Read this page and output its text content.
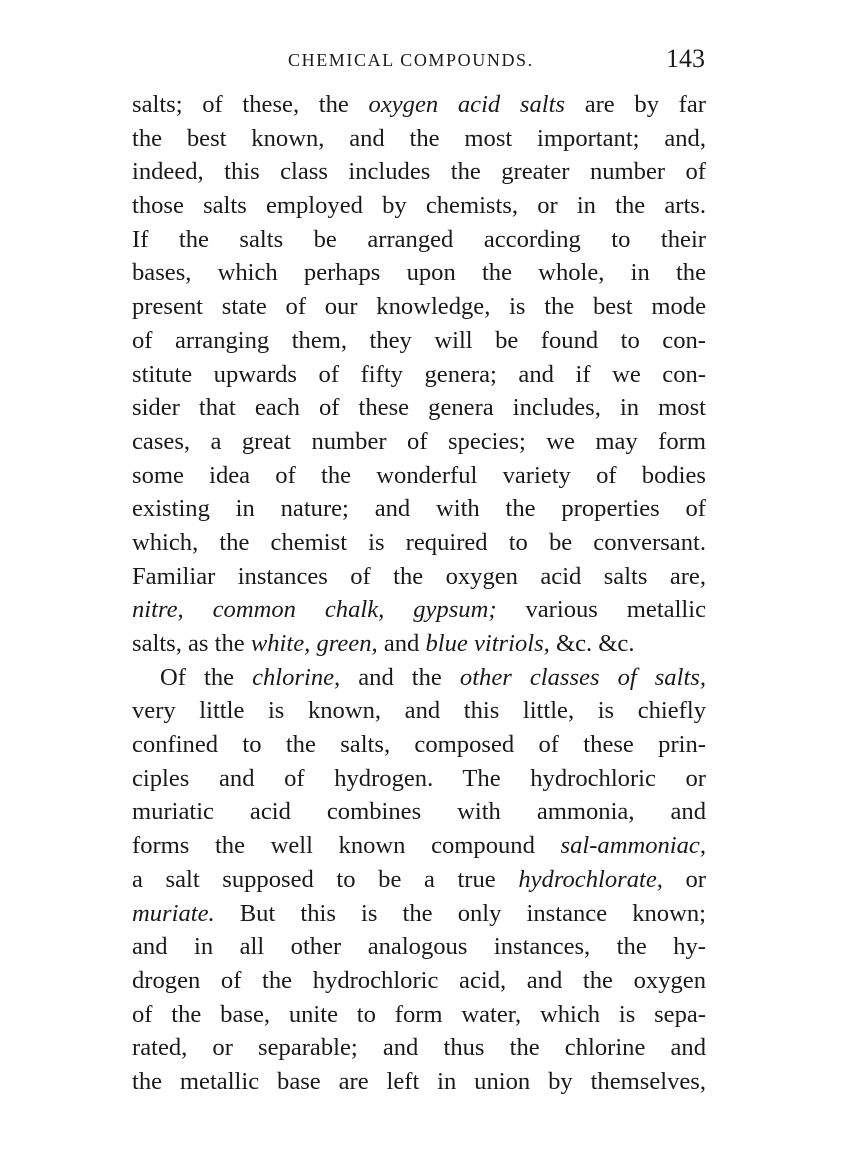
CHEMICAL COMPOUNDS.	143
salts; of these, the oxygen acid salts are by far
the best known, and the most important; and,
indeed, this class includes the greater number of
those salts employed by chemists, or in the arts.
If the salts be arranged according to their
bases, which perhaps upon the whole, in the
present state of our knowledge, is the best mode
of arranging them, they will be found to con-
stitute upwards of fifty genera; and if we con-
sider that each of these genera includes, in most
cases, a great number of species; we may form
some idea of the wonderful variety of bodies
existing in nature; and with the properties of
which, the chemist is required to be conversant.
Familiar instances of the oxygen acid salts are,
nitre, common chalk, gypsum; various metallic
salts, as the white, green, and blue vitriols, &c. &c.
Of the chlorine, and the other classes of salts,
very little is known, and this little, is chiefly
confined to the salts, composed of these prin-
ciples and of hydrogen. The hydrochloric or
muriatic acid combines with ammonia, and
forms the well known compound sal-ammoniac,
a salt supposed to be a true hydrochlorate, or
muriate. But this is the only instance known;
and in all other analogous instances, the hy-
drogen of the hydrochloric acid, and the oxygen
of the base, unite to form water, which is sepa-
rated, or separable; and thus the chlorine and
the metallic base are left in union by themselves,
